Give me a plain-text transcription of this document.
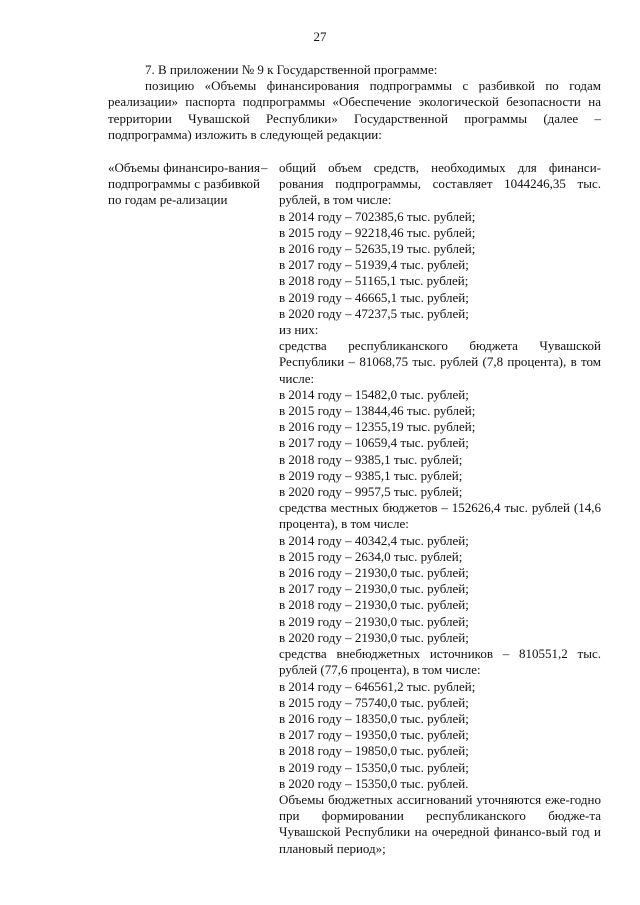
27

7. В приложении № 9 к Государственной программе:

позицию «Объемы финансирования подпрограммы с разбивкой по годам реализации» паспорта подпрограммы «Обеспечение экологической безопасности на территории Чувашской Республики» Государственной программы (далее – подпрограмма) изложить в следующей редакции:

«Объемы финансиро-вания подпрограммы с разбивкой по годам ре-ализации
– общий объем средств, необходимых для финанси-рования подпрограммы, составляет 1044246,35 тыс. рублей, в том числе:
в 2014 году – 702385,6 тыс. рублей;
в 2015 году – 92218,46 тыс. рублей;
в 2016 году – 52635,19 тыс. рублей;
в 2017 году – 51939,4 тыс. рублей;
в 2018 году – 51165,1 тыс. рублей;
в 2019 году – 46665,1 тыс. рублей;
в 2020 году – 47237,5 тыс. рублей;
из них:
средства республиканского бюджета Чувашской Республики – 81068,75 тыс. рублей (7,8 процента), в том числе:
в 2014 году – 15482,0 тыс. рублей;
в 2015 году – 13844,46 тыс. рублей;
в 2016 году – 12355,19 тыс. рублей;
в 2017 году – 10659,4 тыс. рублей;
в 2018 году – 9385,1 тыс. рублей;
в 2019 году – 9385,1 тыс. рублей;
в 2020 году – 9957,5 тыс. рублей;
средства местных бюджетов – 152626,4 тыс. рублей (14,6 процента), в том числе:
в 2014 году – 40342,4 тыс. рублей;
в 2015 году – 2634,0 тыс. рублей;
в 2016 году – 21930,0 тыс. рублей;
в 2017 году – 21930,0 тыс. рублей;
в 2018 году – 21930,0 тыс. рублей;
в 2019 году – 21930,0 тыс. рублей;
в 2020 году – 21930,0 тыс. рублей;
средства внебюджетных источников – 810551,2 тыс. рублей (77,6 процента), в том числе:
в 2014 году – 646561,2 тыс. рублей;
в 2015 году – 75740,0 тыс. рублей;
в 2016 году – 18350,0 тыс. рублей;
в 2017 году – 19350,0 тыс. рублей;
в 2018 году – 19850,0 тыс. рублей;
в 2019 году – 15350,0 тыс. рублей;
в 2020 году – 15350,0 тыс. рублей.
Объемы бюджетных ассигнований уточняются еже-годно при формировании республиканского бюдже-та Чувашской Республики на очередной финансо-вый год и плановый период»;
